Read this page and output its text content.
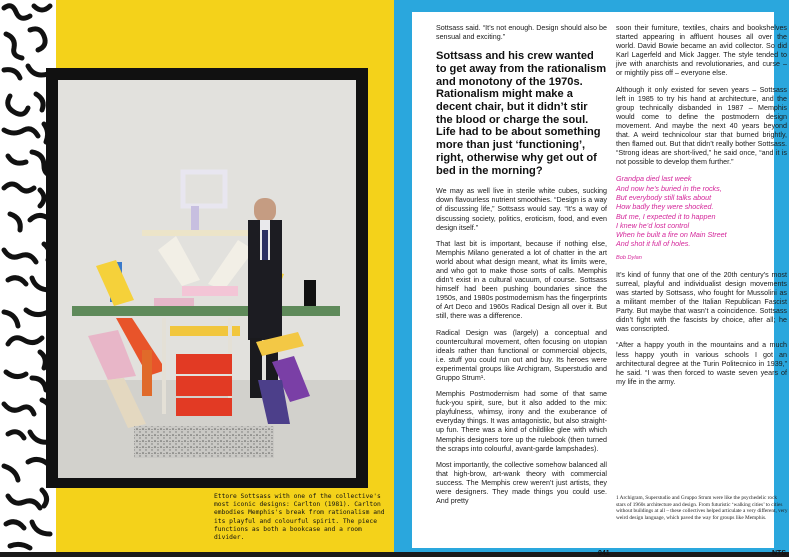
Ettore Sottsass with one of the collective's most iconic designs: Carlton (1981). Carlton embodies Memphis's break from rationalism and its playful and colourful spirit. The piece functions as both a bookcase and a room divider.

Sottsass said. “It’s not enough. Design should also be sensual and exciting.”

Sottsass and his crew wanted to get away from the rationalism and monotony of the 1970s. Rationalism might make a decent chair, but it didn’t stir the blood or charge the soul. Life had to be about something more than just ‘functioning’, right, otherwise why get out of bed in the morning?

We may as well live in sterile white cubes, sucking down flavourless nutrient smoothies. “Design is a way of discussing life,” Sottsass would say. “It’s a way of discussing society, politics, eroticism, food, and even design itself.”

That last bit is important, because if nothing else, Memphis Milano generated a lot of chatter in the art world about what design meant, what its limits were, and who got to make those sorts of calls. Memphis didn’t exist in a cultural vacuum, of course. Sottsass himself had been pushing boundaries since the 1950s, and 1980s postmodernism has the fingerprints of Art Deco and 1960s Radical Design all over it. But still, there was a difference.

Radical Design was (largely) a conceptual and countercultural movement, often focusing on utopian ideals rather than functional or commercial objects, i.e. stuff you could run out and buy. Its heroes were experimental groups like Archigram, Superstudio and Gruppo Strum¹.

Memphis Postmodernism had some of that same fuck-you spirit, sure, but it also added to the mix: playfulness, whimsy, irony and the exuberance of everyday things. It was antagonistic, but also straight-up fun. There was a kind of childlike glee with which Memphis designers tore up the rulebook (then turned the scraps into colourful, avant-garde lampshades).

Most importantly, the collective somehow balanced all that high-brow, art-wank theory with commercial success. The Memphis crew weren’t just artists, they were designers. They made things you could use. And pretty

soon their furniture, textiles, chairs and bookshelves started appearing in affluent houses all over the world. David Bowie became an avid collector. So did Karl Lagerfeld and Mick Jagger. The style tended to jive with anarchists and revolutionaries, and curse – or mightily piss off – everyone else.

Although it only existed for seven years – Sottsass left in 1985 to try his hand at architecture, and the group technically disbanded in 1987 – Memphis would come to define the postmodern design movement. And maybe the next 40 years beyond that. A weird technicolour star that burned brightly, then flamed out. But that didn’t really bother Sottsass. “Strong ideas are short-lived,” he said once, “and it is not possible to develop them further.”

Grandpa died last week
And now he’s buried in the rocks,
But everybody still talks about
How badly they were shocked.
But me, I expected it to happen
I knew he’d lost control
When he built a fire on Main Street
And shot it full of holes.

Bob Dylan

It’s kind of funny that one of the 20th century’s most surreal, playful and individualist design movements was started by Sottsass, who fought for Mussolini as a militant member of the Italian Republican Fascist Party. But maybe that wasn’t a coincidence. Sottsass didn’t fight with the fascists by choice, after all; he was conscripted.

“After a happy youth in the mountains and a much less happy youth in various schools I got an architectural degree at the Turin Politecnico in 1939,” he said. “I was then forced to waste seven years of my life in the army.

1 Archigram, Superstudio and Gruppo Strum were like the psychedelic rock stars of 1960s architecture and design. From futuristic ‘walking cities’ to cities without buildings at all – these collectives helped articulate a very different, very weird design language, which paved the way for groups like Memphis.

041	NTS
